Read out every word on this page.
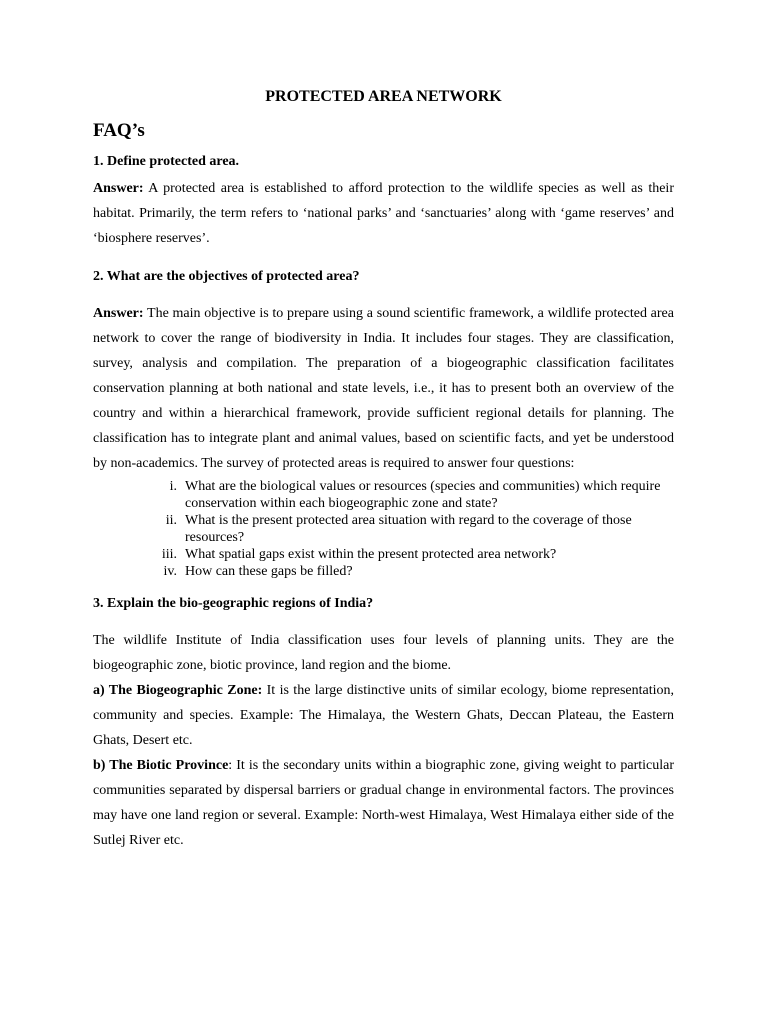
PROTECTED AREA NETWORK
FAQ’s
1. Define protected area.

Answer: A protected area is established to afford protection to the wildlife species as well as their habitat. Primarily, the term refers to ‘national parks’ and ‘sanctuaries’ along with ‘game reserves’ and ‘biosphere reserves’.

2. What are the objectives of protected area?

Answer: The main objective is to prepare using a sound scientific framework, a wildlife protected area network to cover the range of biodiversity in India. It includes four stages. They are classification, survey, analysis and compilation. The preparation of a biogeographic classification facilitates conservation planning at both national and state levels, i.e., it has to present both an overview of the country and within a hierarchical framework, provide sufficient regional details for planning. The classification has to integrate plant and animal values, based on scientific facts, and yet be understood by non-academics. The survey of protected areas is required to answer four questions:

i. What are the biological values or resources (species and communities) which require conservation within each biogeographic zone and state?
ii. What is the present protected area situation with regard to the coverage of those resources?
iii. What spatial gaps exist within the present protected area network?
iv. How can these gaps be filled?
3. Explain the bio-geographic regions of India?

The wildlife Institute of India classification uses four levels of planning units. They are the biogeographic zone, biotic province, land region and the biome.

a) The Biogeographic Zone: It is the large distinctive units of similar ecology, biome representation, community and species. Example: The Himalaya, the Western Ghats, Deccan Plateau, the Eastern Ghats, Desert etc.

b) The Biotic Province: It is the secondary units within a biographic zone, giving weight to particular communities separated by dispersal barriers or gradual change in environmental factors. The provinces may have one land region or several. Example: North-west Himalaya, West Himalaya either side of the Sutlej River etc.
